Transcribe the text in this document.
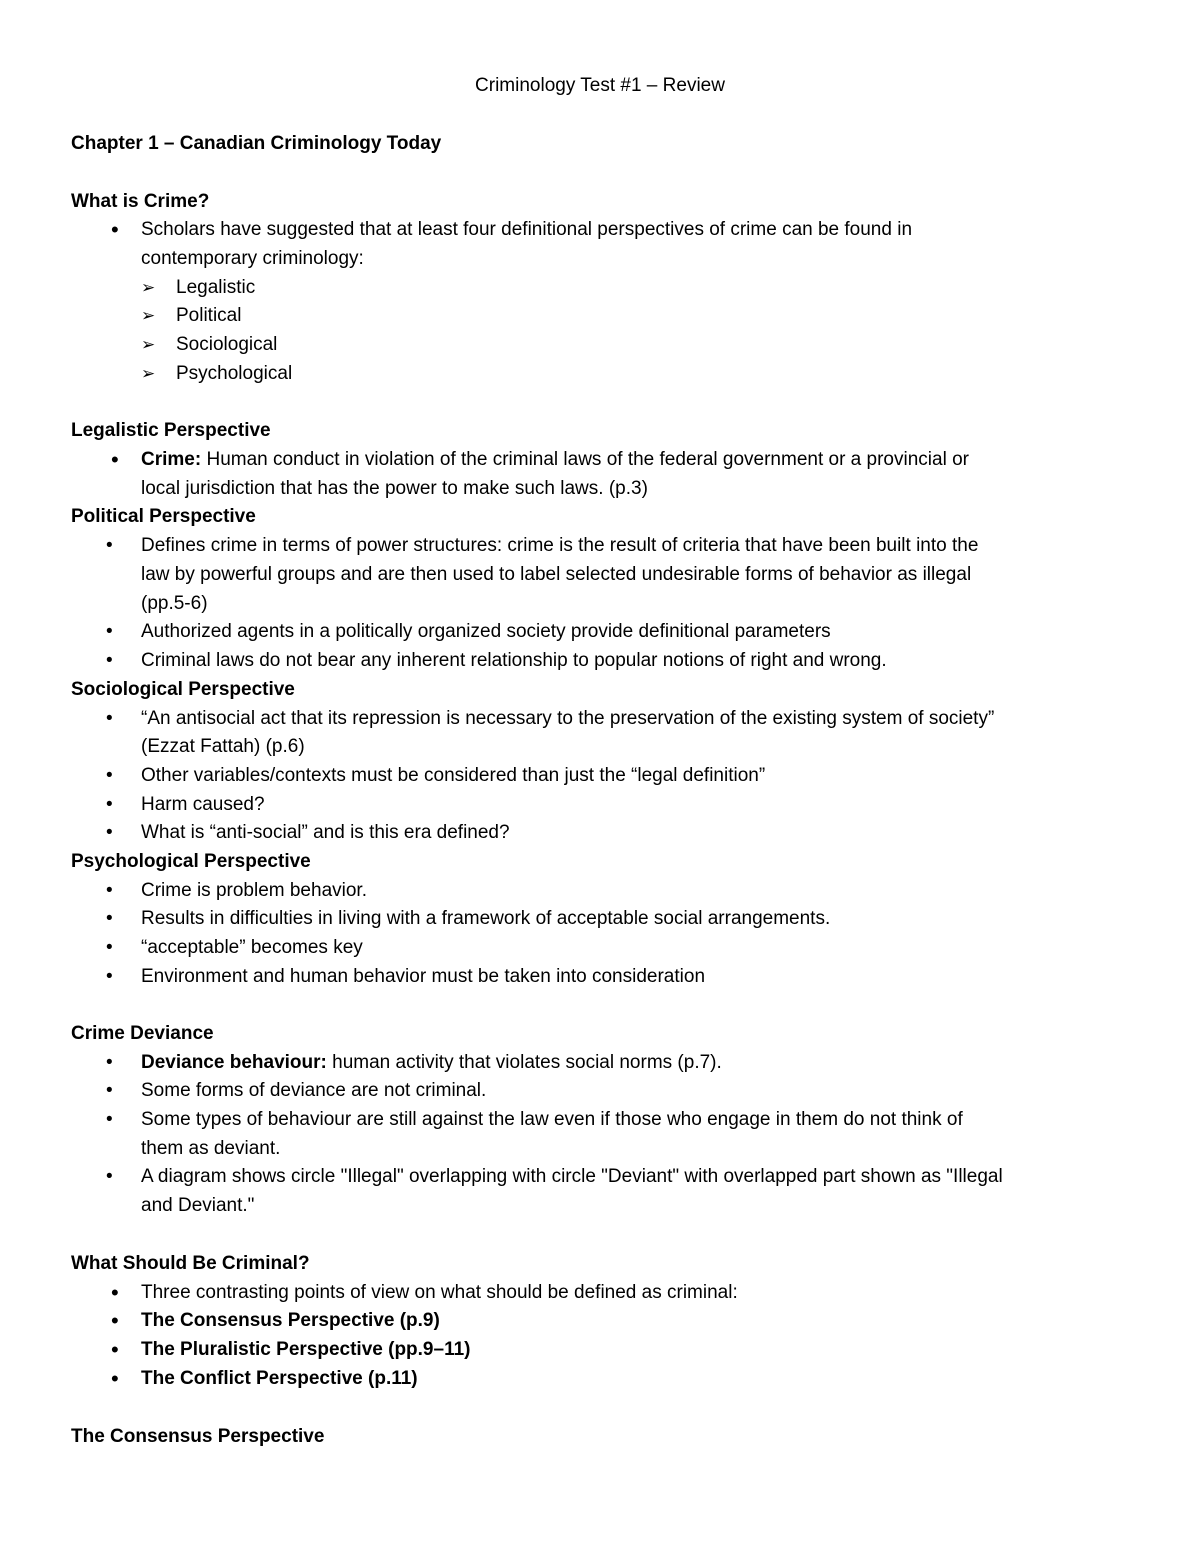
Criminology Test #1 – Review
Chapter 1 – Canadian Criminology Today
What is Crime?
• Scholars have suggested that at least four definitional perspectives of crime can be found in
contemporary criminology:
➢ Legalistic
➢ Political
➢ Sociological
➢ Psychological
Legalistic Perspective
• Crime: Human conduct in violation of the criminal laws of the federal government or a provincial or
local jurisdiction that has the power to make such laws. (p.3)
Political Perspective
• Defines crime in terms of power structures: crime is the result of criteria that have been built into the
law by powerful groups and are then used to label selected undesirable forms of behavior as illegal
(pp.5-6)
• Authorized agents in a politically organized society provide definitional parameters
• Criminal laws do not bear any inherent relationship to popular notions of right and wrong.
Sociological Perspective
• “An antisocial act that its repression is necessary to the preservation of the existing system of society”
(Ezzat Fattah) (p.6)
• Other variables/contexts must be considered than just the “legal definition”
• Harm caused?
• What is “anti-social” and is this era defined?
Psychological Perspective
• Crime is problem behavior.
• Results in difficulties in living with a framework of acceptable social arrangements.
• “acceptable” becomes key
• Environment and human behavior must be taken into consideration
Crime Deviance
• Deviance behaviour: human activity that violates social norms (p.7).
• Some forms of deviance are not criminal.
• Some types of behaviour are still against the law even if those who engage in them do not think of
them as deviant.
• A diagram shows circle "Illegal" overlapping with circle "Deviant" with overlapped part shown as "Illegal
and Deviant."
What Should Be Criminal?
• Three contrasting points of view on what should be defined as criminal:
• The Consensus Perspective (p.9)
• The Pluralistic Perspective (pp.9–11)
• The Conflict Perspective (p.11)
The Consensus Perspective
